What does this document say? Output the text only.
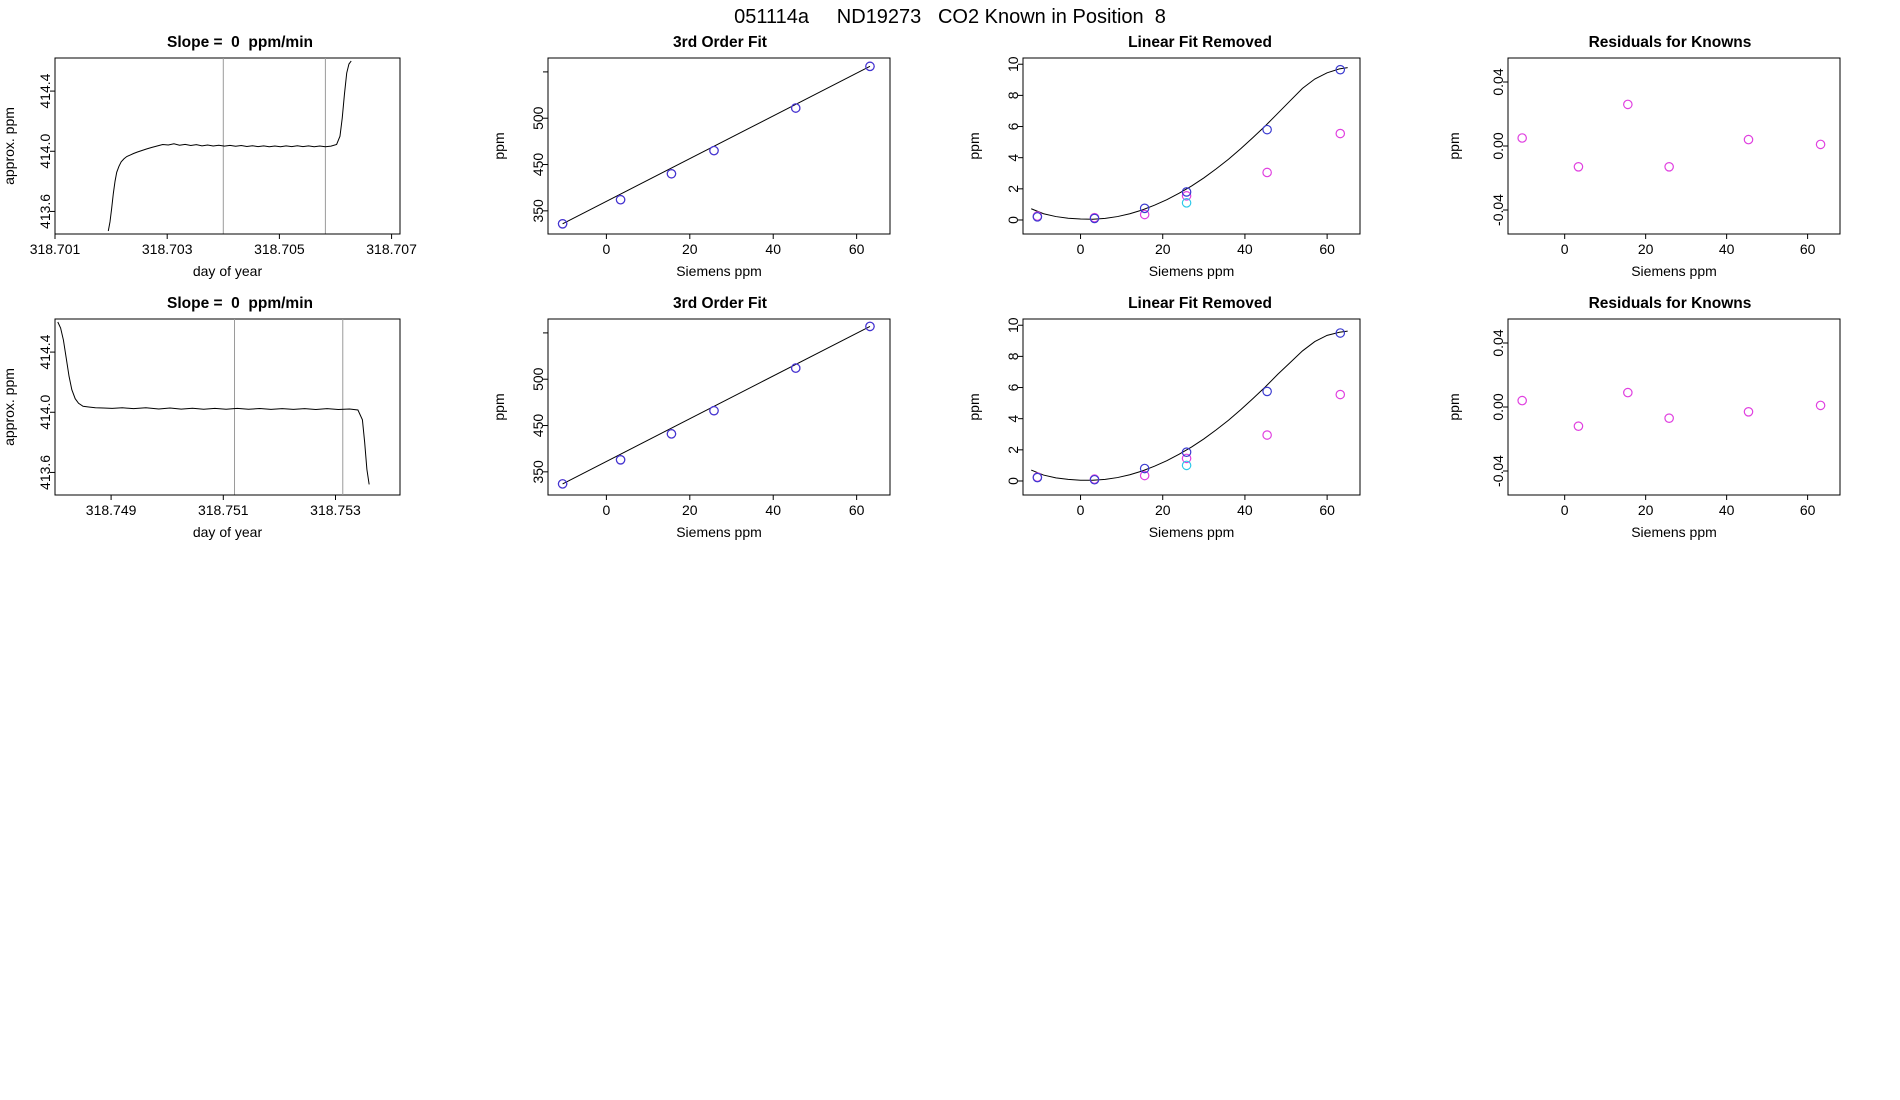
051114a     ND19273   CO2 Known in Position  8
Slope =  0  ppm/min
318.701	318.703	318.705	318.707
413.6
414.0
414.4
day of year
approx. ppm
3rd Order Fit
0	20	40	60
350
450
500
Siemens ppm
ppm
Linear Fit Removed
0	20	40	60
0
2
4
6
8
10
Siemens ppm
ppm
Residuals for Knowns
0	20	40	60
-0.04
0.00
0.04
Siemens ppm
ppm
Slope =  0  ppm/min
318.749	318.751	318.753
413.6
414.0
414.4
day of year
approx. ppm
3rd Order Fit
0	20	40	60
350
450
500
Siemens ppm
ppm
Linear Fit Removed
0	20	40	60
0
2
4
6
8
10
Siemens ppm
ppm
Residuals for Knowns
0	20	40	60
-0.04
0.00
0.04
Siemens ppm
ppm
